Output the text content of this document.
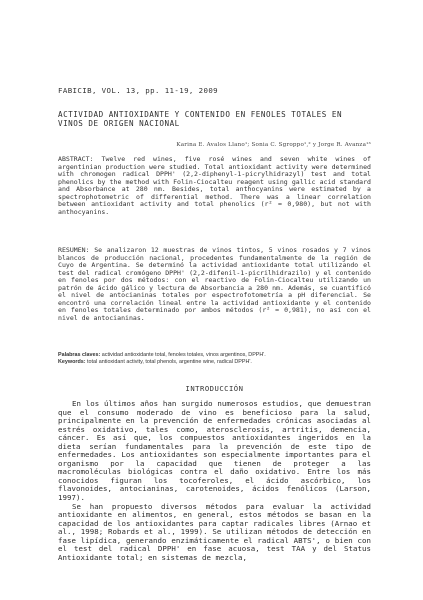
FABICIB, VOL. 13, pp. 11-19, 2009
ACTIVIDAD ANTIOXIDANTE Y CONTENIDO EN FENOLES TOTALES EN VINOS DE ORIGEN NACIONAL
Karina E. Avalos Llano¹; Sonia C. Sgroppo¹,² y Jorge R. Avanza¹³

ABSTRACT: Twelve red wines, five rosé wines and seven white wines of argentinian production were studied. Total antioxidant activity were determined with chromogen radical DPPH' (2,2-diphenyl-1-picrylhidrazyl) test and total phenolics by the method with Folin-Ciocalteu reagent using gallic acid standard and Absorbance at 280 nm. Besides, total anthocyanins were estimated by a spectrophotometric of differential method. There was a linear correlation between antioxidant activity and total phenolics (r² = 0,980), but not with anthocyanins.

RESUMEN: Se analizaron 12 muestras de vinos tintos, 5 vinos rosados y 7 vinos blancos de producción nacional, procedentes fundamentalmente de la región de Cuyo de Argentina. Se determinó la actividad antioxidante total utilizando el test del radical cromógeno DPPH' (2,2-difenil-1-picrilhidrazilo) y el contenido en fenoles por dos métodos: con el reactivo de Folin-Ciocalteu utilizando un patrón de ácido gálico y lectura de Absorbancia a 280 nm. Además, se cuantificó el nivel de antocianinas totales por espectrofotometría a pH diferencial. Se encontró una correlación lineal entre la actividad antioxidante y el contenido en fenoles totales determinado por ambos métodos (r² = 0,981), no así con el nivel de antocianinas.

Palabras claves: actividad antioxidante total, fenoles totales, vinos argentinos, DPPH'.
Keywords: total antioxidant activity, total phenols, argentine wine, radical DPPH'.
INTRODUCCIÓN

En los últimos años han surgido numerosos estudios, que demuestran que el consumo moderado de vino es beneficioso para la salud, principalmente en la prevención de enfermedades crónicas asociadas al estrés oxidativo, tales como, aterosclerosis, artritis, demencia, cáncer. Es así que, los compuestos antioxidantes ingeridos en la dieta serían fundamentales para la prevención de este tipo de enfermedades. Los antioxidantes son especialmente importantes para el organismo por la capacidad que tienen de proteger a las macromoléculas biológicas contra el daño oxidativo. Entre los más conocidos figuran los tocoferoles, el ácido ascórbico, los flavonoides, antocianinas, carotenoides, ácidos fenólicos (Larson, 1997).

Se han propuesto diversos métodos para evaluar la actividad antioxidante en alimentos, en general, estos métodos se basan en la capacidad de los antioxidantes para captar radicales libres (Arnao et al., 1998; Robards et al., 1999). Se utilizan métodos de detección en fase lipídica, generando enzimáticamente el radical ABTS', o bien con el test del radical DPPH' en fase acuosa, test TAA y del Status Antioxidante total; en sistemas de mezcla,
